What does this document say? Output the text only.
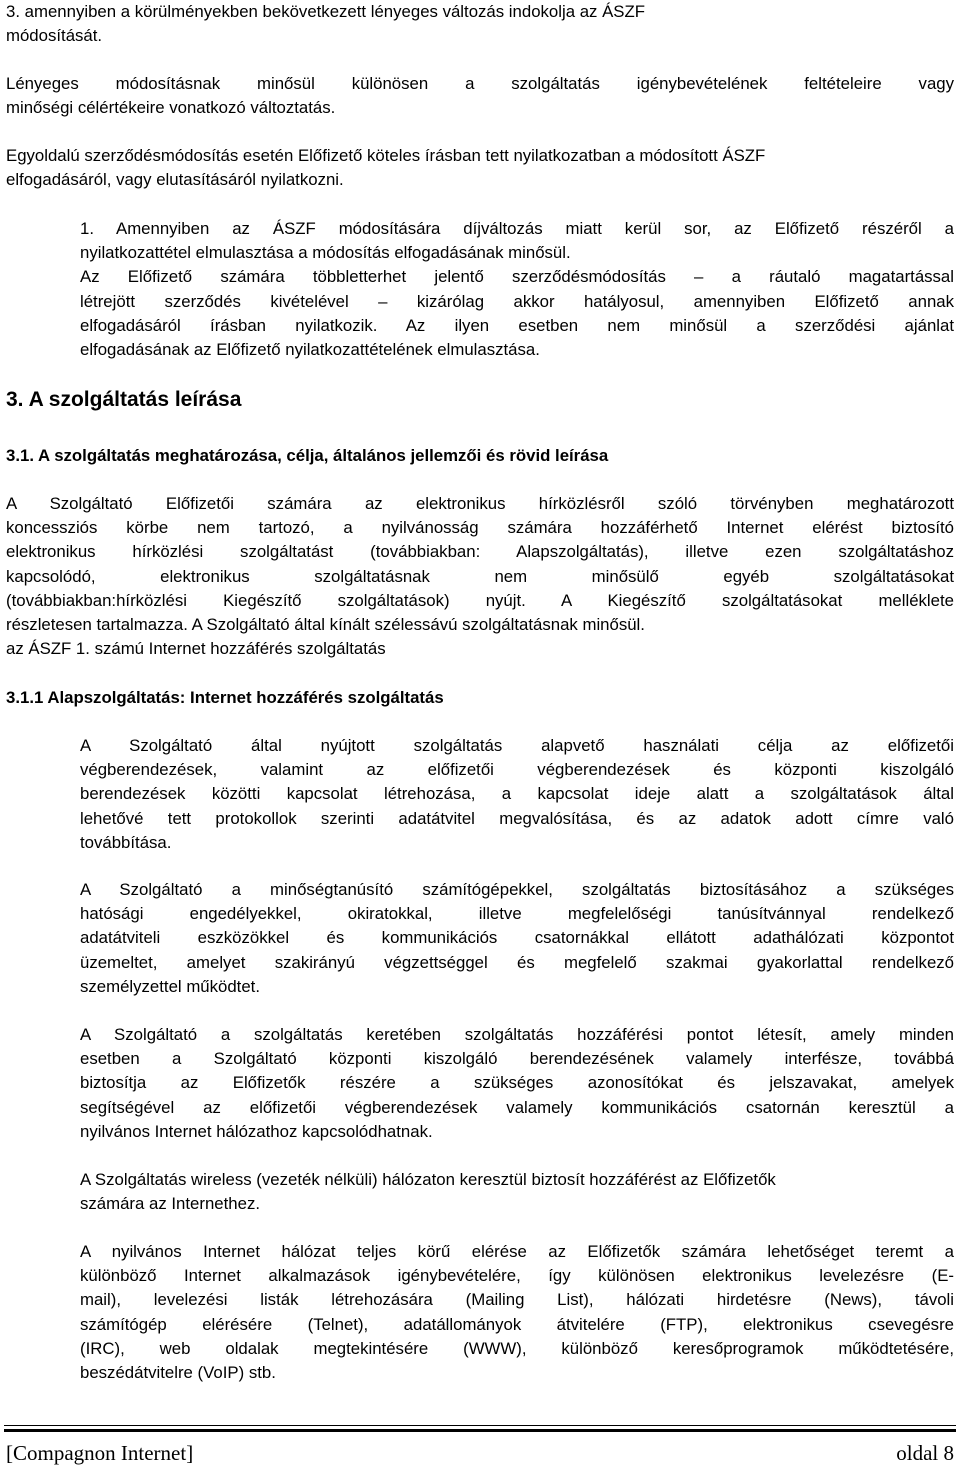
3. amennyiben a körülményekben bekövetkezett lényeges változás indokolja az ÁSZF
módosítását.
Lényeges módosításnak minősül különösen a szolgáltatás igénybevételének feltételeire vagy
minőségi célértékeire vonatkozó változtatás.
Egyoldalú szerződésmódosítás esetén Előfizető köteles írásban tett nyilatkozatban a módosított ÁSZF
elfogadásáról, vagy elutasításáról nyilatkozni.
1. Amennyiben az ÁSZF módosítására díjváltozás miatt kerül sor, az Előfizető részéről a
nyilatkozattétel elmulasztása a módosítás elfogadásának minősül.
Az Előfizető számára többletterhet jelentő szerződésmódosítás – a ráutaló magatartással
létrejött szerződés kivételével – kizárólag akkor hatályosul, amennyiben Előfizető annak
elfogadásáról írásban nyilatkozik. Az ilyen esetben nem minősül a szerződési ajánlat
elfogadásának az Előfizető nyilatkozattételének elmulasztása.
3. A szolgáltatás leírása
3.1. A szolgáltatás meghatározása, célja, általános jellemzői és rövid leírása
A Szolgáltató Előfizetői számára az elektronikus hírközlésről szóló törvényben meghatározott
koncessziós körbe nem tartozó, a nyilvánosság számára hozzáférhető Internet elérést biztosító
elektronikus hírközlési szolgáltatást (továbbiakban: Alapszolgáltatás), illetve ezen szolgáltatáshoz
kapcsolódó, elektronikus szolgáltatásnak nem minősülő egyéb szolgáltatásokat
(továbbiakban:hírközlési Kiegészítő szolgáltatások) nyújt. A Kiegészítő szolgáltatásokat melléklete
részletesen tartalmazza. A Szolgáltató által kínált szélessávú szolgáltatásnak minősül.
az ÁSZF 1. számú Internet hozzáférés szolgáltatás
3.1.1 Alapszolgáltatás: Internet hozzáférés szolgáltatás
A Szolgáltató által nyújtott szolgáltatás alapvető használati célja az előfizetői
végberendezések, valamint az előfizetői végberendezések és központi kiszolgáló
berendezések közötti kapcsolat létrehozása, a kapcsolat ideje alatt a szolgáltatások által
lehetővé tett protokollok szerinti adatátvitel megvalósítása, és az adatok adott címre való
továbbítása.
A Szolgáltató a minőségtanúsító számítógépekkel, szolgáltatás biztosításához a szükséges
hatósági engedélyekkel, okiratokkal, illetve megfelelőségi tanúsítvánnyal rendelkező
adatátviteli eszközökkel és kommunikációs csatornákkal ellátott adathálózati központot
üzemeltet, amelyet szakirányú végzettséggel és megfelelő szakmai gyakorlattal rendelkező
személyzettel működtet.
A Szolgáltató a szolgáltatás keretében szolgáltatás hozzáférési pontot létesít, amely minden
esetben a Szolgáltató központi kiszolgáló berendezésének valamely interfésze, továbbá
biztosítja az Előfizetők részére a szükséges azonosítókat és jelszavakat, amelyek
segítségével az előfizetői végberendezések valamely kommunikációs csatornán keresztül a
nyilvános Internet hálózathoz kapcsolódhatnak.
A Szolgáltatás wireless (vezeték nélküli) hálózaton keresztül biztosít hozzáférést az Előfizetők
számára az Internethez.
A nyilvános Internet hálózat teljes körű elérése az Előfizetők számára lehetőséget teremt a
különböző Internet alkalmazások igénybevételére, így különösen elektronikus levelezésre (E-
mail), levelezési listák létrehozására (Mailing List), hálózati hirdetésre (News), távoli
számítógép elérésére (Telnet), adatállományok átvitelére (FTP), elektronikus csevegésre
(IRC), web oldalak megtekintésére (WWW), különböző keresőprogramok működtetésére,
beszédátvitelre (VoIP) stb.
[Compagnon Internet]	oldal 8
